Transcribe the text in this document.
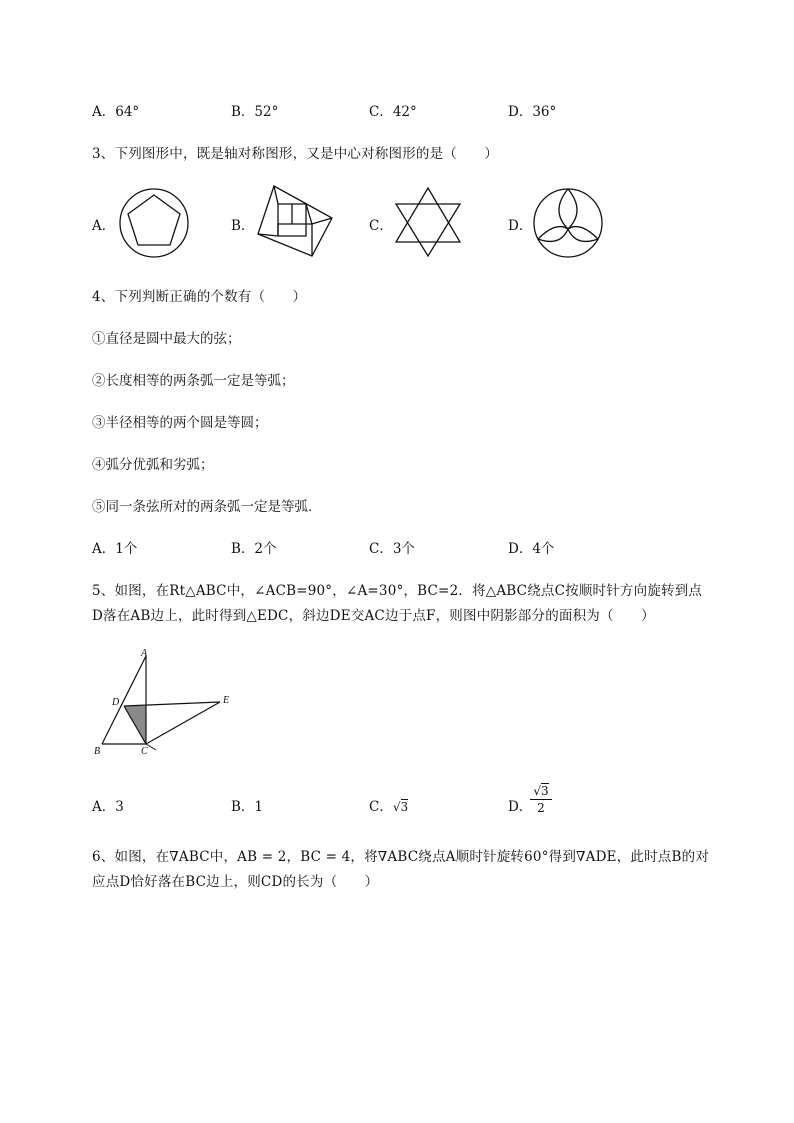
A．64°	B．52°	C．42°	D．36°
3、下列图形中，既是轴对称图形，又是中心对称图形的是（　　）
A．	B．	C．	D．
4、下列判断正确的个数有（　　）
①直径是圆中最大的弦；
②长度相等的两条弧一定是等弧；
③半径相等的两个圆是等圆；
④弧分优弧和劣弧；
⑤同一条弦所对的两条弧一定是等弧．
A．1个	B．2个	C．3个	D．4个
5、如图，在Rt△ABC中，∠ACB=90°，∠A=30°，BC=2．将△ABC绕点C按顺时针方向旋转到点
D落在AB边上，此时得到△EDC，斜边DE交AC边于点F，则图中阴影部分的面积为（　　）
A
D	E
B	C
A．3	B．1	C．√3	D．
$\frac{√3}{2}$
6、如图，在∇ABC中，AB = 2，BC = 4，将∇ABC绕点A顺时针旋转60°得到∇ADE，此时点B的对
应点D恰好落在BC边上，则CD的长为（　　）
